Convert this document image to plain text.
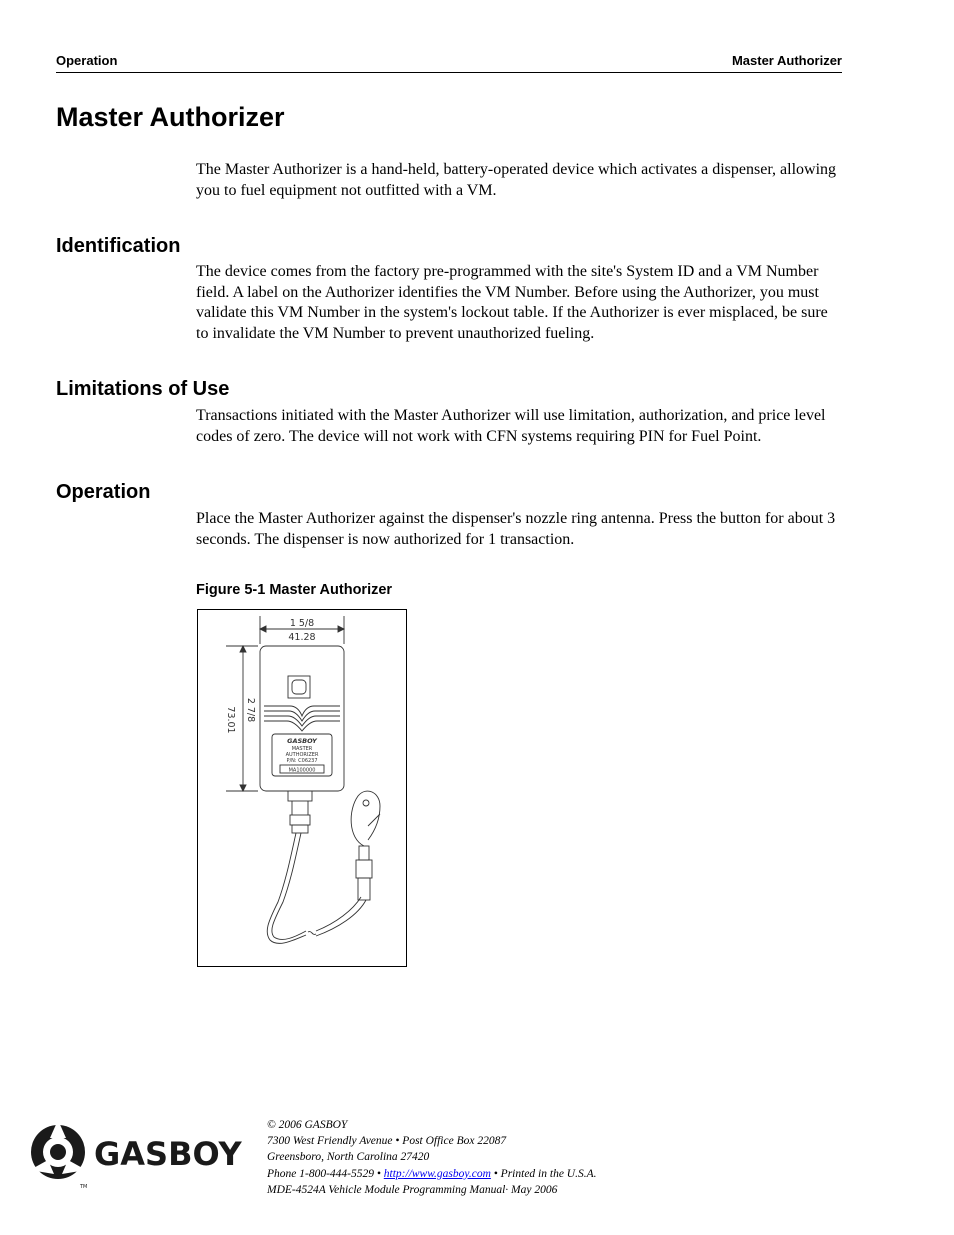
Operation	Master Authorizer
Master Authorizer

The Master Authorizer is a hand-held, battery-operated device which activates a dispenser, allowing you to fuel equipment not outfitted with a VM.

Identification

The device comes from the factory pre-programmed with the site's System ID and a VM Number field. A label on the Authorizer identifies the VM Number. Before using the Authorizer, you must validate this VM Number in the system's lockout table. If the Authorizer is ever misplaced, be sure to invalidate the VM Number to prevent unauthorized fueling.

Limitations of Use

Transactions initiated with the Master Authorizer will use limitation, authorization, and price level codes of zero. The device will not work with CFN systems requiring PIN for Fuel Point.

Operation

Place the Master Authorizer against the dispenser's nozzle ring antenna. Press the button for about 3 seconds. The dispenser is now authorized for 1 transaction.

Figure 5-1 Master Authorizer
1 5/8
41.28
2 7/8
73.01
GASBOY
MASTER
AUTHORIZER
P/N: C06237
MA100000
GASBOY
TM
© 2006 GASBOY
7300 West Friendly Avenue • Post Office Box 22087
Greensboro, North Carolina 27420
Phone 1-800-444-5529 • http://www.gasboy.com • Printed in the U.S.A.
MDE-4524A Vehicle Module Programming Manual· May 2006
